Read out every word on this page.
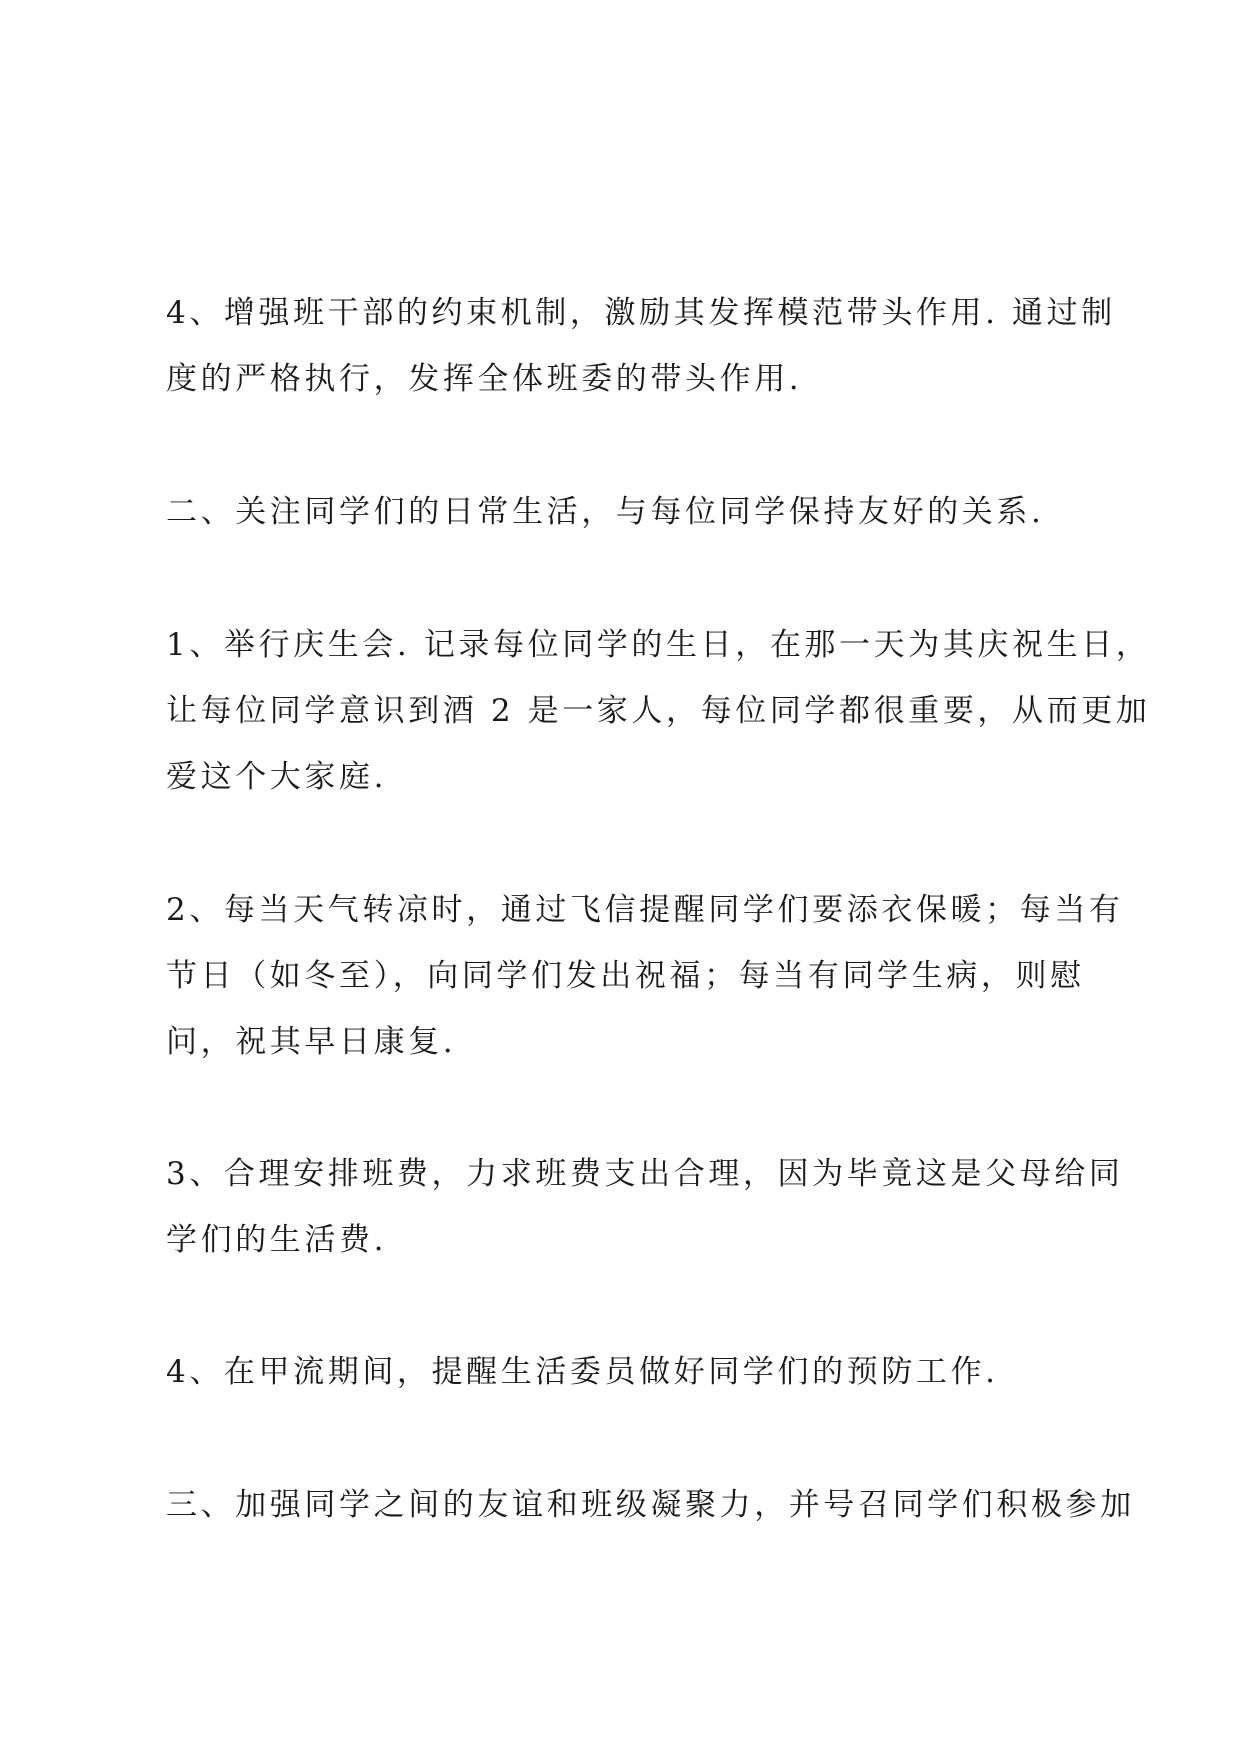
4、增强班干部的约束机制，激励其发挥模范带头作用. 通过制

度的严格执行，发挥全体班委的带头作用.

二、关注同学们的日常生活，与每位同学保持友好的关系.

1、举行庆生会. 记录每位同学的生日，在那一天为其庆祝生日，

让每位同学意识到酒 2 是一家人，每位同学都很重要，从而更加

爱这个大家庭.

2、每当天气转凉时，通过飞信提醒同学们要添衣保暖；每当有

节日（如冬至），向同学们发出祝福；每当有同学生病，则慰

问，祝其早日康复.

3、合理安排班费，力求班费支出合理，因为毕竟这是父母给同

学们的生活费.

4、在甲流期间，提醒生活委员做好同学们的预防工作.

三、加强同学之间的友谊和班级凝聚力，并号召同学们积极参加
